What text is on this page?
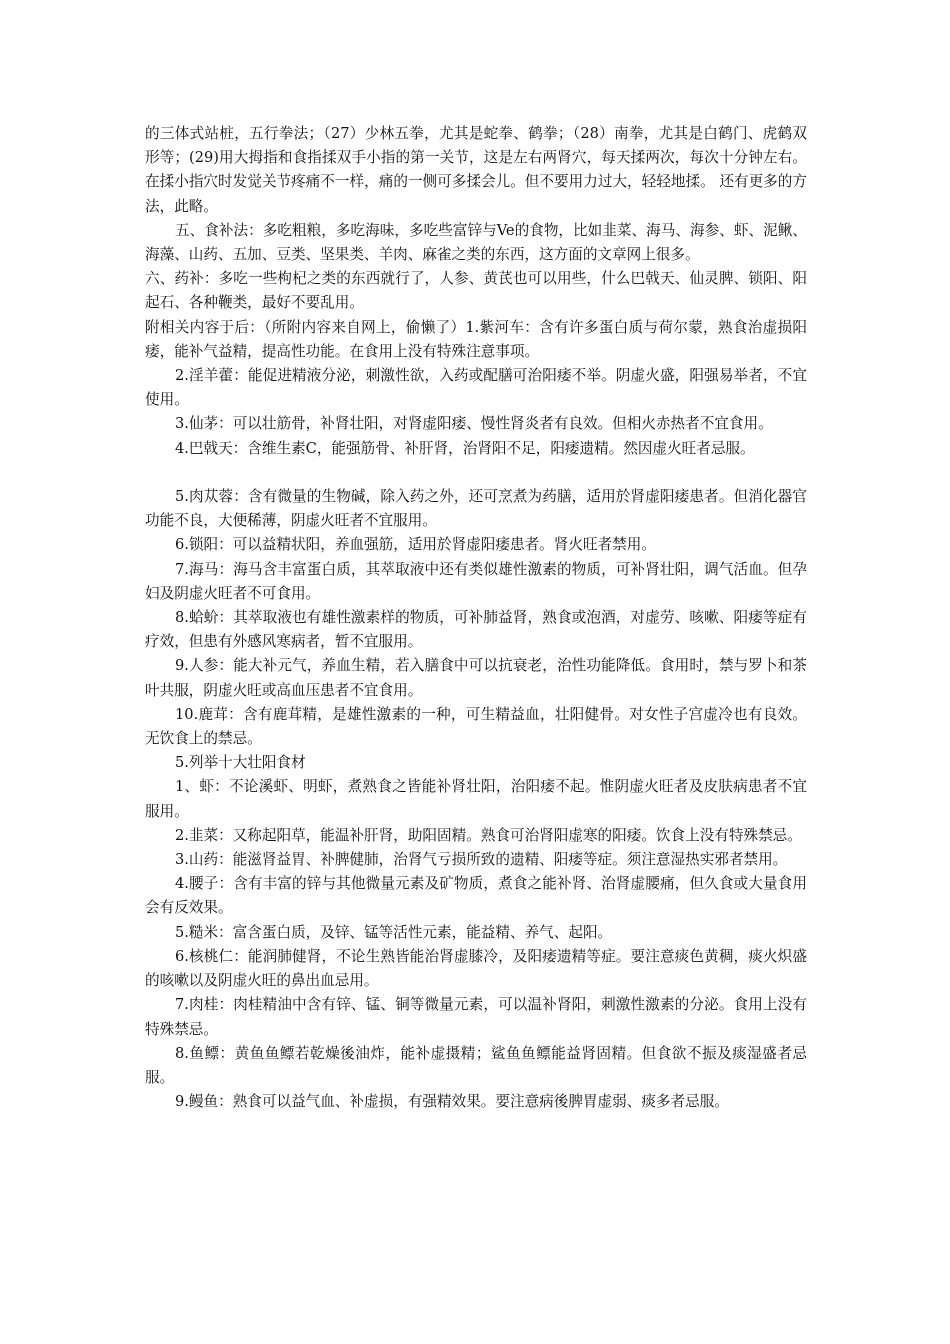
的三体式站桩，五行拳法；（27）少林五拳，尤其是蛇拳、鹤拳；（28）南拳，尤其是白鹤门、虎鹤双形等；(29)用大拇指和食指揉双手小指的第一关节，这是左右两肾穴，每天揉两次，每次十分钟左右。在揉小指穴时发觉关节疼痛不一样，痛的一侧可多揉会儿。但不要用力过大，轻轻地揉。 还有更多的方法，此略。

五、食补法：多吃粗粮，多吃海味，多吃些富锌与Ve的食物，比如韭菜、海马、海参、虾、泥鳅、海藻、山药、五加、豆类、坚果类、羊肉、麻雀之类的东西，这方面的文章网上很多。

六、药补：多吃一些枸杞之类的东西就行了，人参、黄芪也可以用些，什么巴戟天、仙灵脾、锁阳、阳起石、各种鞭类，最好不要乱用。

附相关内容于后：（所附内容来自网上，偷懒了）1.紫河车：含有许多蛋白质与荷尔蒙，熟食治虚损阳痿，能补气益精，提高性功能。在食用上没有特殊注意事项。

2.淫羊藿：能促进精液分泌，刺激性欲，入药或配膳可治阳痿不举。阴虚火盛，阳强易举者，不宜使用。

3.仙茅：可以壮筋骨，补肾壮阳，对肾虚阳痿、慢性肾炎者有良效。但相火赤热者不宜食用。

4.巴戟天：含维生素C，能强筋骨、补肝肾，治肾阳不足，阳痿遗精。然因虚火旺者忌服。

5.肉苁蓉：含有微量的生物碱，除入药之外，还可烹煮为药膳，适用於肾虚阳痿患者。但消化器官功能不良，大便稀薄，阴虚火旺者不宜服用。

6.锁阳：可以益精状阳，养血强筋，适用於肾虚阳痿患者。肾火旺者禁用。

7.海马：海马含丰富蛋白质，其萃取液中还有类似雄性激素的物质，可补肾壮阳，调气活血。但孕妇及阴虚火旺者不可食用。

8.蛤蚧：其萃取液也有雄性激素样的物质，可补肺益肾，熟食或泡酒，对虚劳、咳嗽、阳痿等症有疗效，但患有外感风寒病者，暂不宜服用。

9.人参：能大补元气，养血生精，若入膳食中可以抗衰老，治性功能降低。食用时，禁与罗卜和茶叶共服，阴虚火旺或高血压患者不宜食用。

10.鹿茸：含有鹿茸精，是雄性激素的一种，可生精益血，壮阳健骨。对女性子宫虚冷也有良效。无饮食上的禁忌。

5.列举十大壮阳食材

1、虾：不论溪虾、明虾，煮熟食之皆能补肾壮阳，治阳痿不起。惟阴虚火旺者及皮肤病患者不宜服用。

2.韭菜：又称起阳草，能温补肝肾，助阳固精。熟食可治肾阳虚寒的阳痿。饮食上没有特殊禁忌。

3.山药：能滋肾益胃、补脾健肺，治肾气亏损所致的遗精、阳痿等症。须注意湿热实邪者禁用。

4.腰子：含有丰富的锌与其他微量元素及矿物质，煮食之能补肾、治肾虚腰痛，但久食或大量食用会有反效果。

5.糙米：富含蛋白质，及锌、锰等活性元素，能益精、养气、起阳。

6.核桃仁：能润肺健肾，不论生熟皆能治肾虚膝冷，及阳痿遗精等症。要注意痰色黄稠，痰火炽盛的咳嗽以及阴虚火旺的鼻出血忌用。

7.肉桂：肉桂精油中含有锌、锰、铜等微量元素，可以温补肾阳，刺激性激素的分泌。食用上没有特殊禁忌。

8.鱼鳔：黄鱼鱼鳔若乾燥後油炸，能补虚摄精；鲨鱼鱼鳔能益肾固精。但食欲不振及痰湿盛者忌服。

9.鳗鱼：熟食可以益气血、补虚损，有强精效果。要注意病後脾胃虚弱、痰多者忌服。
